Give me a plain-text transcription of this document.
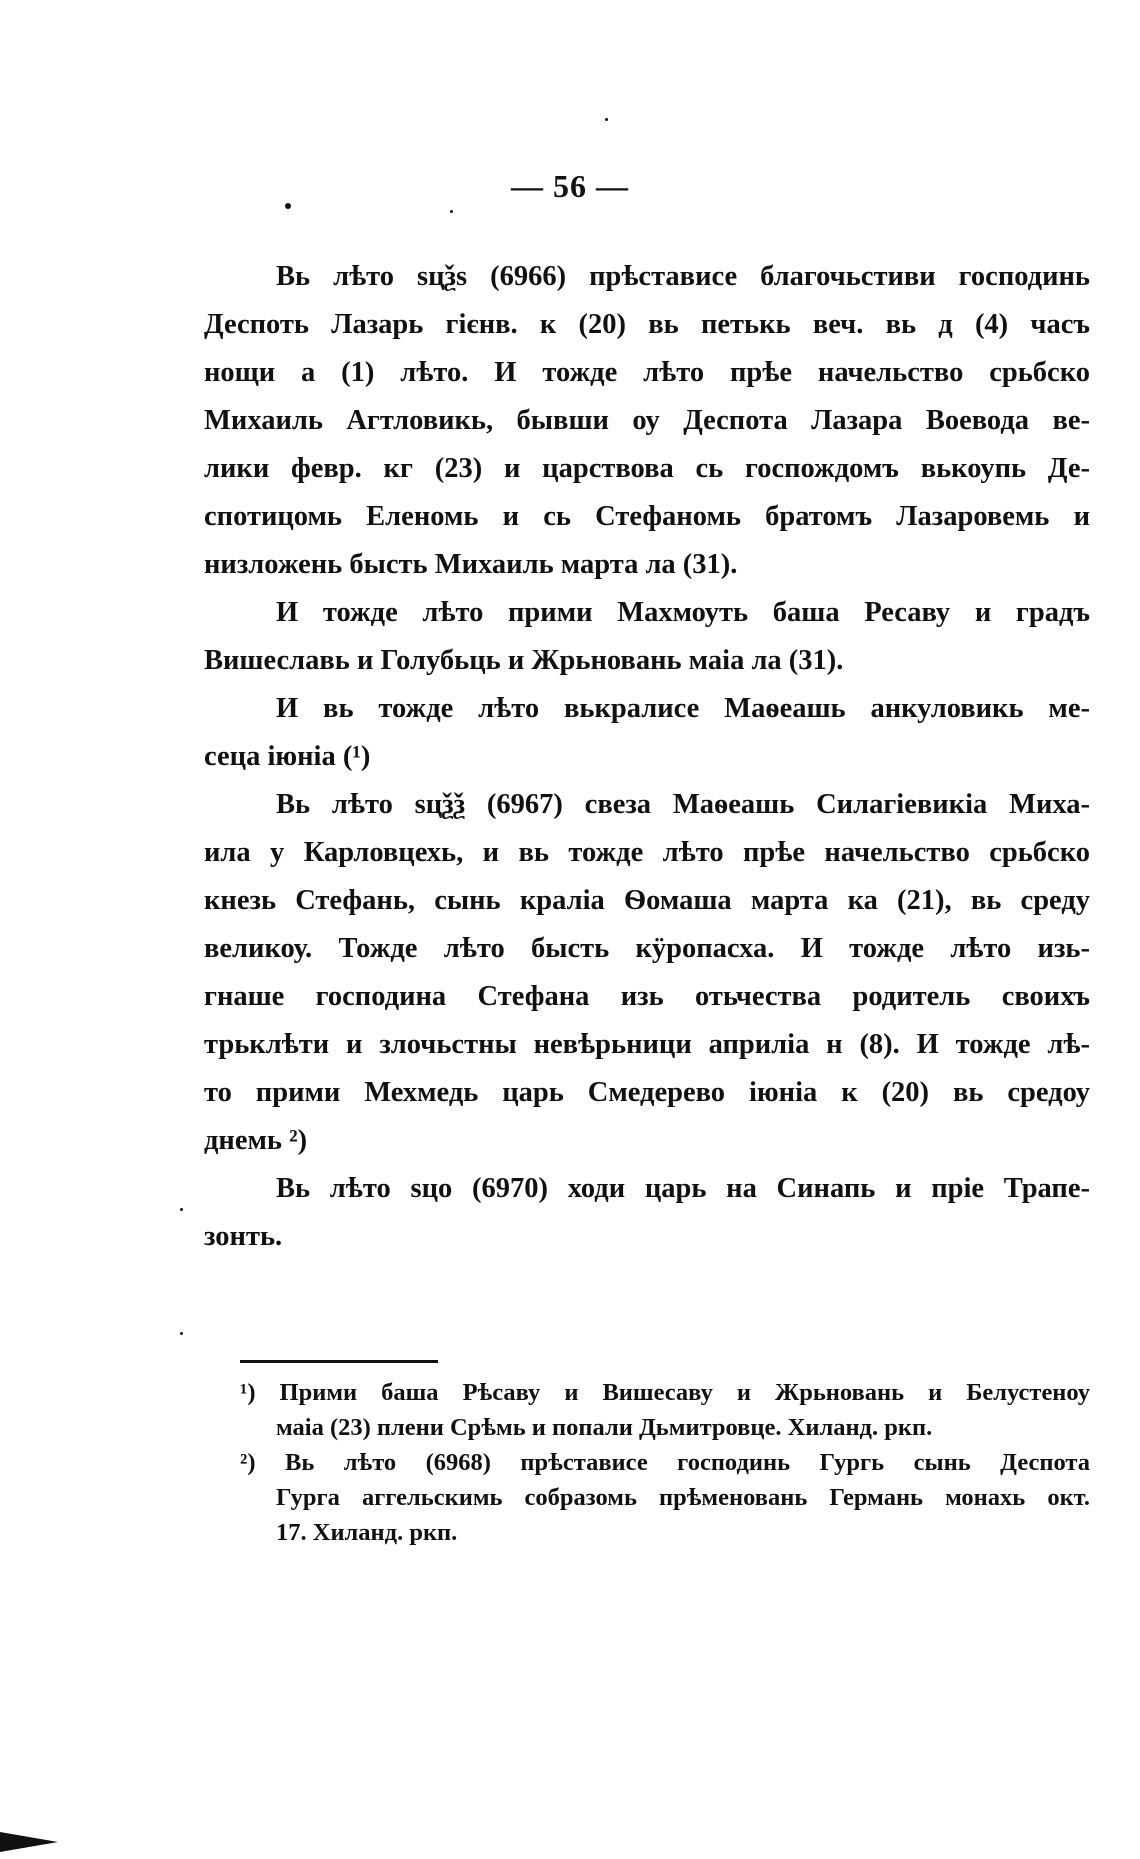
— 56 —
Вь лѣто ѕцѯѕ (6966) прѣстависе благочьстиви господинь
Деспоть Лазарь гієнв. к (20) вь петькь веч. вь д (4) часъ
нощи а (1) лѣто. И тождe лѣто прѣе начельство срьбско
Михаиль Агтловикь, бывши оу Деспота Лазара Воевода ве-
лики февр. кг (23) и царствова сь госпождомъ вькоупь Де-
спотицомь Еленомь и сь Стефаномь братомъ Лазаровемь и
низложень бысть Михаиль марта ла (31).
И тождe лѣто прими Махмоуть баша Ресаву и градъ
Вишеславь и Голубьць и Жрьновань маіа ла (31).
И вь тождe лѣто вькралисе Маѳеашь анкуловикь ме-
сеца іюніа (¹)
Вь лѣто ѕцѯѯ (6967) свеза Маѳеашь Силагіевикіа Миха-
ила у Карловцехь, и вь тождe лѣто прѣе начельство срьбско
кнезь Стефань, сынь краліа Ѳомаша марта ка (21), вь среду
великоу. Тождe лѣто бысть кӱропасха. И тождe лѣто изь-
гнаше господина Стефана изь отьчества родитель своихъ
трьклѣти и злочьстны невѣрьници априліа н (8). И тождe лѣ-
то прими Мехмедь царь Смедерево іюніа к (20) вь средоу
днемь ²)
Вь лѣто ѕцо (6970) ходи царь на Синапь и пріе Трапе-
зонть.
¹) Прими баша Рѣсаву и Вишесаву и Жрьновань и Белустеноу
маіа (23) плени Срѣмь и попали Дьмитровце. Хиланд. ркп.
²) Вь лѣто (6968) прѣстависе господинь Гургь сынь Деспота
Гурга аггельскимь собразомь прѣменовань Германь монахь окт.
17. Хиланд. ркп.
